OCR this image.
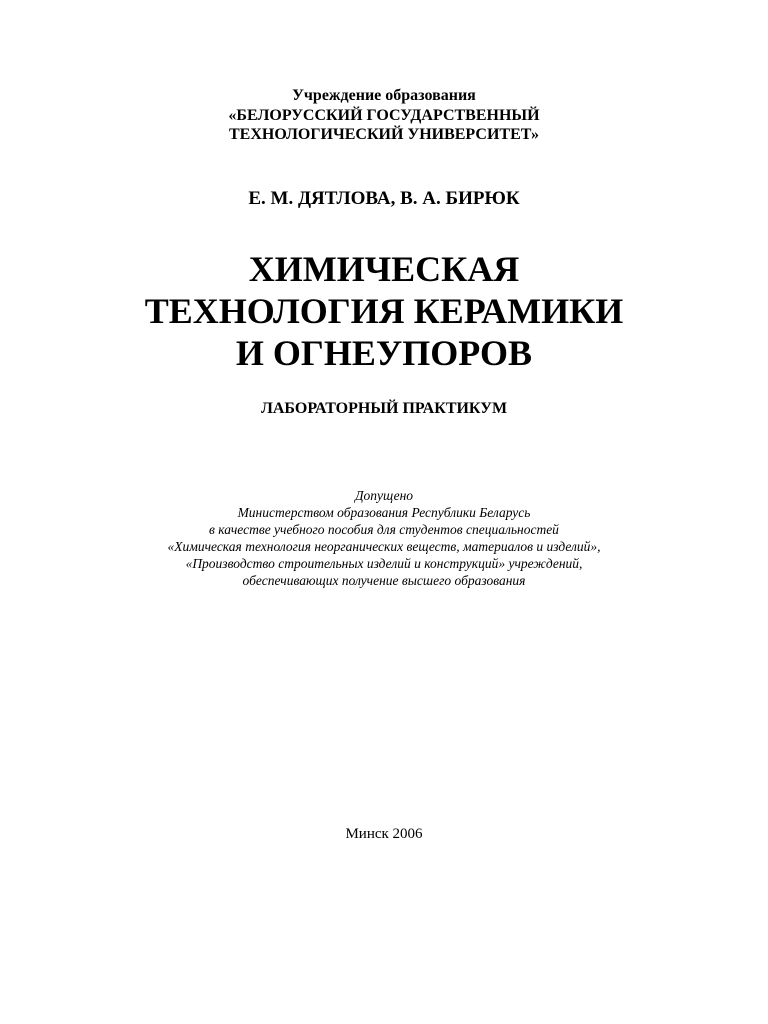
Учреждение образования
«БЕЛОРУССКИЙ ГОСУДАРСТВЕННЫЙ
ТЕХНОЛОГИЧЕСКИЙ УНИВЕРСИТЕТ»
Е. М. ДЯТЛОВА, В. А. БИРЮК
ХИМИЧЕСКАЯ
ТЕХНОЛОГИЯ КЕРАМИКИ
И ОГНЕУПОРОВ
ЛАБОРАТОРНЫЙ ПРАКТИКУМ
Допущено
Министерством образования Республики Беларусь
в качестве учебного пособия для студентов специальностей
«Химическая технология неорганических веществ, материалов и изделий»,
«Производство строительных изделий и конструкций» учреждений,
обеспечивающих получение высшего образования
Минск 2006
